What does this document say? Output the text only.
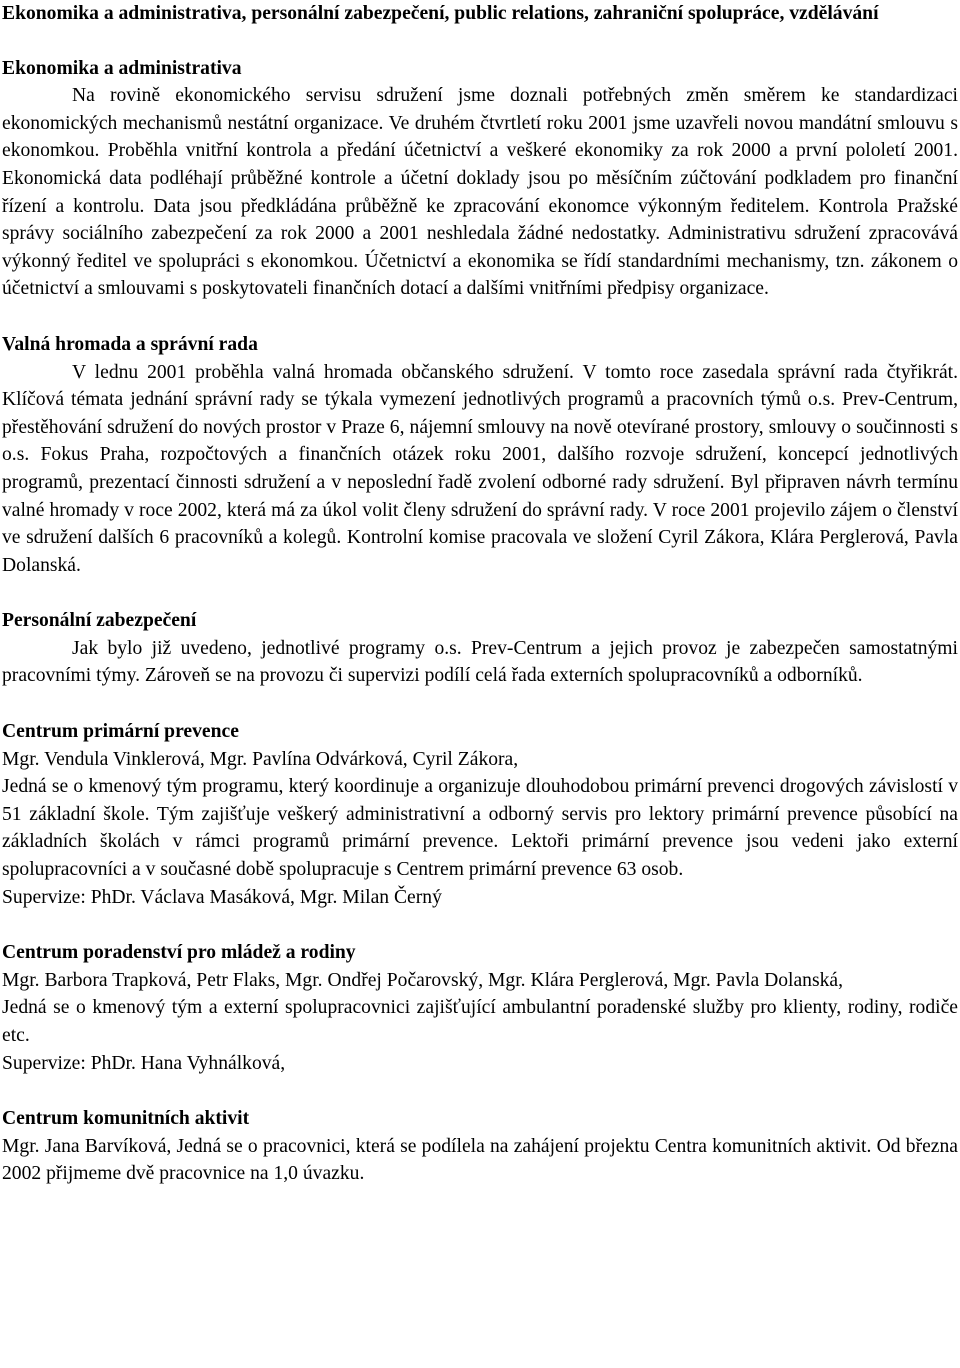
Ekonomika a administrativa, personální zabezpečení, public relations, zahraniční spolupráce, vzdělávání
Ekonomika a administrativa

Na rovině ekonomického servisu sdružení jsme doznali potřebných změn směrem ke standardizaci ekonomických mechanismů nestátní organizace. Ve druhém čtvrtletí roku 2001 jsme uzavřeli novou mandátní smlouvu s ekonomkou. Proběhla vnitřní kontrola a předání účetnictví a veškeré ekonomiky za rok 2000 a první pololetí 2001. Ekonomická data podléhají průběžné kontrole a účetní doklady jsou po měsíčním zúčtování podkladem pro finanční řízení a kontrolu. Data jsou předkládána průběžně ke zpracování ekonomce výkonným ředitelem. Kontrola Pražské správy sociálního zabezpečení za rok 2000 a 2001 neshledala žádné nedostatky. Administrativu sdružení zpracovává výkonný ředitel ve spolupráci s ekonomkou. Účetnictví a ekonomika se řídí standardními mechanismy, tzn. zákonem o účetnictví a smlouvami s poskytovateli finančních dotací a dalšími vnitřními předpisy organizace.

Valná hromada a správní rada

V lednu 2001 proběhla valná hromada občanského sdružení. V tomto roce zasedala správní rada čtyřikrát. Klíčová témata jednání správní rady se týkala vymezení jednotlivých programů a pracovních týmů o.s. Prev-Centrum, přestěhování sdružení do nových prostor v Praze 6, nájemní smlouvy na nově otevírané prostory, smlouvy o součinnosti s o.s. Fokus Praha, rozpočtových a finančních otázek roku 2001, dalšího rozvoje sdružení, koncepcí jednotlivých programů, prezentací činnosti sdružení a v neposlední řadě zvolení odborné rady sdružení. Byl připraven návrh termínu valné hromady v roce 2002, která má za úkol volit členy sdružení do správní rady. V roce 2001 projevilo zájem o členství ve sdružení dalších 6 pracovníků a kolegů. Kontrolní komise pracovala ve složení Cyril Zákora, Klára Perglerová, Pavla Dolanská.

Personální zabezpečení

Jak bylo již uvedeno, jednotlivé programy o.s. Prev-Centrum a jejich provoz je zabezpečen samostatnými pracovními týmy. Zároveň se na provozu či supervizi podílí celá řada externích spolupracovníků a odborníků.

Centrum primární prevence

Mgr. Vendula Vinklerová, Mgr. Pavlína Odvárková, Cyril Zákora,

Jedná se o kmenový tým programu, který koordinuje a organizuje dlouhodobou primární prevenci drogových závislostí v 51 základní škole. Tým zajišťuje veškerý administrativní a odborný servis pro lektory primární prevence působící na základních školách v rámci programů primární prevence. Lektoři primární prevence jsou vedeni jako externí spolupracovníci a v současné době spolupracuje s Centrem primární prevence 63 osob.

Supervize: PhDr. Václava Masáková, Mgr. Milan Černý

Centrum poradenství pro mládež a rodiny

Mgr. Barbora Trapková, Petr Flaks, Mgr. Ondřej Počarovský, Mgr. Klára Perglerová, Mgr. Pavla Dolanská,

Jedná se o kmenový tým a externí spolupracovnici zajišťující ambulantní poradenské služby pro klienty, rodiny, rodiče etc.

Supervize: PhDr. Hana Vyhnálková,

Centrum komunitních aktivit

Mgr. Jana Barvíková, Jedná se o pracovnici, která se podílela na zahájení projektu Centra komunitních aktivit. Od března 2002 přijmeme dvě pracovnice na 1,0 úvazku.
